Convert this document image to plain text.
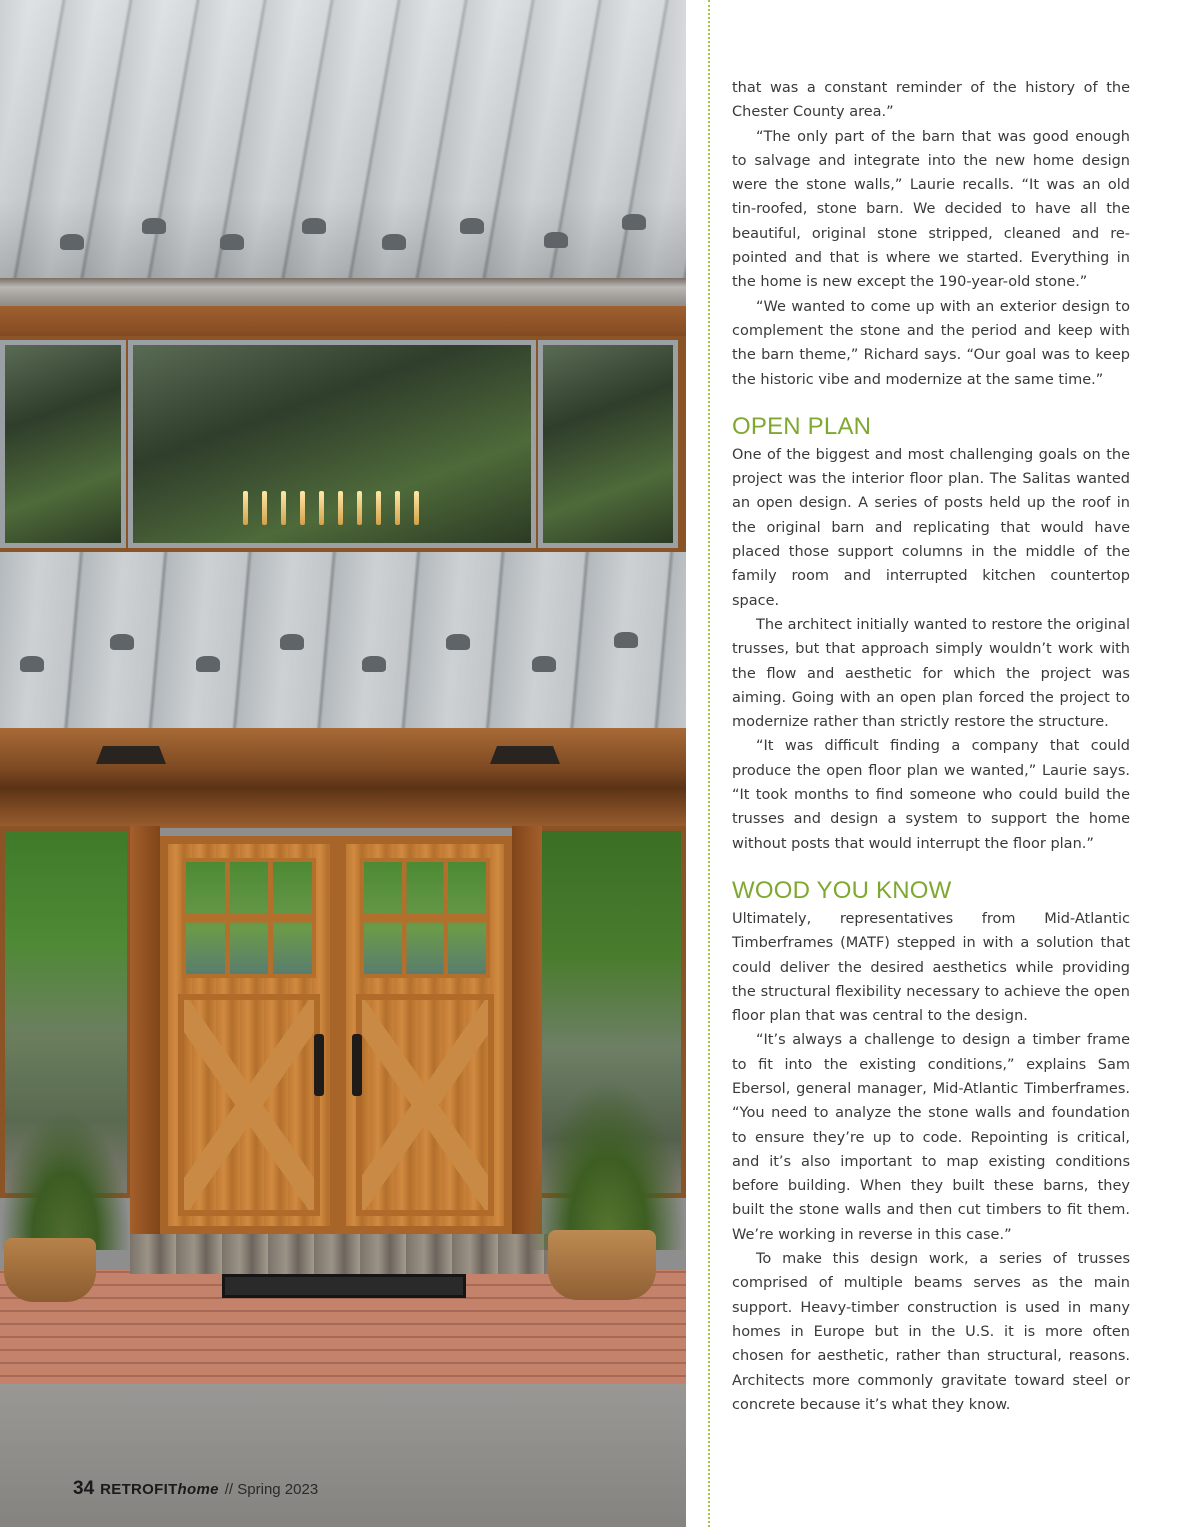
34 RETROFIThome // Spring 2023

that was a constant reminder of the history of the Chester County area.”

“The only part of the barn that was good enough to salvage and integrate into the new home design were the stone walls,” Laurie recalls. “It was an old tin-roofed, stone barn. We decided to have all the beautiful, original stone stripped, cleaned and re-pointed and that is where we started. Everything in the home is new except the 190-year-old stone.”

“We wanted to come up with an exterior design to complement the stone and the period and keep with the barn theme,” Richard says. “Our goal was to keep the historic vibe and modernize at the same time.”

OPEN PLAN

One of the biggest and most challenging goals on the project was the interior floor plan. The Salitas wanted an open design. A series of posts held up the roof in the original barn and replicating that would have placed those support columns in the middle of the family room and interrupted kitchen countertop space.

The architect initially wanted to restore the original trusses, but that approach simply wouldn’t work with the flow and aesthetic for which the project was aiming. Going with an open plan forced the project to modernize rather than strictly restore the structure.

“It was difficult finding a company that could produce the open floor plan we wanted,” Laurie says. “It took months to find someone who could build the trusses and design a system to support the home without posts that would interrupt the floor plan.”

WOOD YOU KNOW

Ultimately, representatives from Mid-Atlantic Timberframes (MATF) stepped in with a solution that could deliver the desired aesthetics while providing the structural flexibility necessary to achieve the open floor plan that was central to the design.

“It’s always a challenge to design a timber frame to fit into the existing conditions,” explains Sam Ebersol, general manager, Mid-Atlantic Timberframes. “You need to analyze the stone walls and foundation to ensure they’re up to code. Repointing is critical, and it’s also important to map existing conditions before building. When they built these barns, they built the stone walls and then cut timbers to fit them. We’re working in reverse in this case.”

To make this design work, a series of trusses comprised of multiple beams serves as the main support. Heavy-timber construction is used in many homes in Europe but in the U.S. it is more often chosen for aesthetic, rather than structural, reasons. Architects more commonly gravitate toward steel or concrete because it’s what they know.
